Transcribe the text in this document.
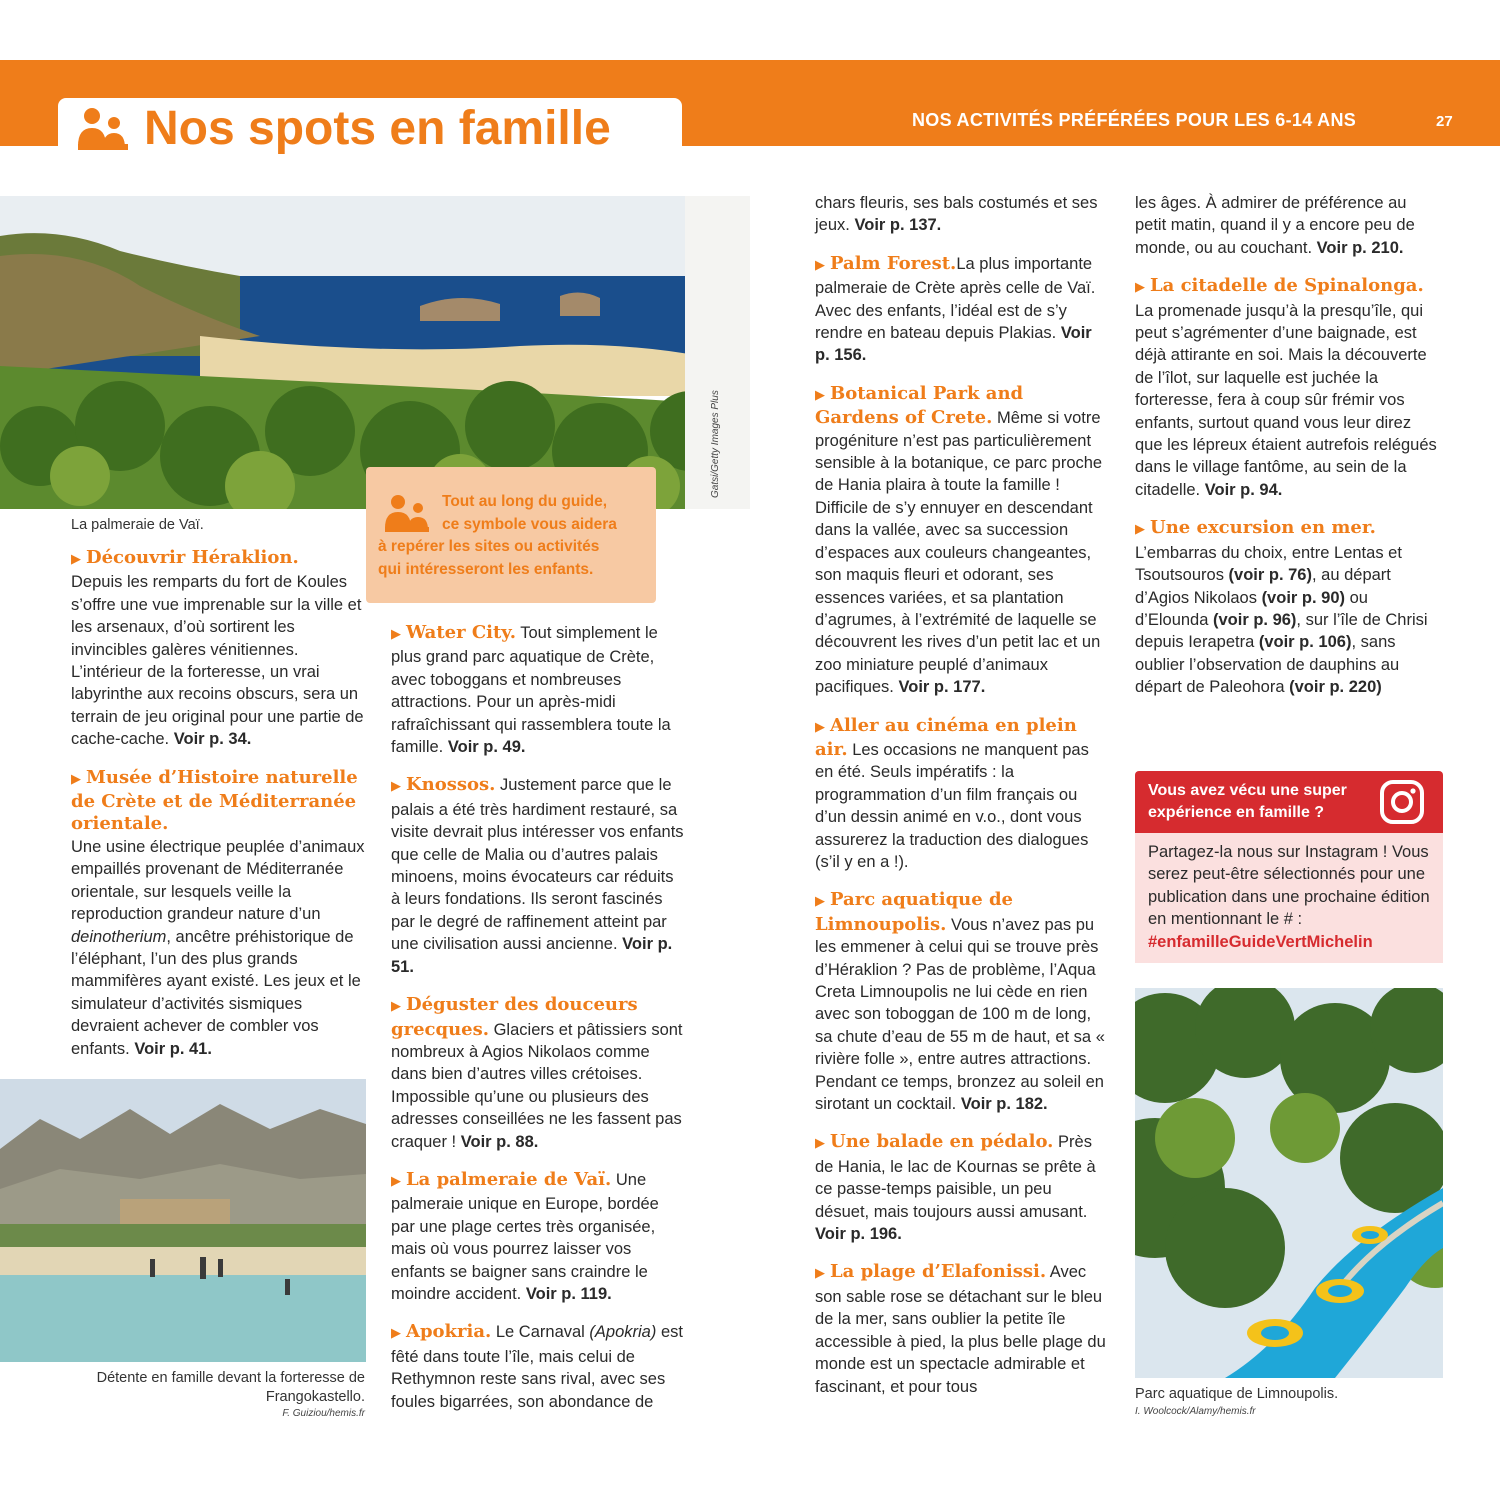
Nos spots en famille	NOS ACTIVITÉS PRÉFÉRÉES POUR LES 6-14 ANS	27
Gatsi/Getty Images Plus
La palmeraie de Vaï.
Tout au long du guide,
ce symbole vous aidera
à repérer les sites ou activités
qui intéresseront les enfants.
▶ Découvrir Héraklion.
Depuis les remparts du fort de Koules s’offre une vue imprenable sur la ville et les arsenaux, d’où sortirent les invincibles galères vénitiennes. L’intérieur de la forteresse, un vrai labyrinthe aux recoins obscurs, sera un terrain de jeu original pour une partie de cache-cache. Voir p. 34.
▶ Musée d’Histoire naturelle de Crète et de Méditerranée orientale.
Une usine électrique peuplée d’animaux empaillés provenant de Méditerranée orientale, sur lesquels veille la reproduction grandeur nature d’un deinotherium, ancêtre préhistorique de l’éléphant, l’un des plus grands mammifères ayant existé. Les jeux et le simulateur d’activités sismiques devraient achever de combler vos enfants. Voir p. 41.
Détente en famille devant la forteresse de
Frangokastello.
F. Guiziou/hemis.fr
▶ Water City. Tout simplement le plus grand parc aquatique de Crète, avec toboggans et nombreuses attractions. Pour un après-midi rafraîchissant qui rassemblera toute la famille. Voir p. 49.
▶ Knossos. Justement parce que le palais a été très hardiment restauré, sa visite devrait plus intéresser vos enfants que celle de Malia ou d’autres palais minoens, moins évocateurs car réduits à leurs fondations. Ils seront fascinés par le degré de raffinement atteint par une civilisation aussi ancienne. Voir p. 51.
▶ Déguster des douceurs grecques. Glaciers et pâtissiers sont nombreux à Agios Nikolaos comme dans bien d’autres villes crétoises. Impossible qu’une ou plusieurs des adresses conseillées ne les fassent pas craquer ! Voir p. 88.
▶ La palmeraie de Vaï. Une palmeraie unique en Europe, bordée par une plage certes très organisée, mais où vous pourrez laisser vos enfants se baigner sans craindre le moindre accident. Voir p. 119.
▶ Apokria. Le Carnaval (Apokria) est fêté dans toute l’île, mais celui de Rethymnon reste sans rival, avec ses foules bigarrées, son abondance de
chars fleuris, ses bals costumés et ses jeux. Voir p. 137.
▶ Palm Forest.La plus importante palmeraie de Crète après celle de Vaï. Avec des enfants, l’idéal est de s’y rendre en bateau depuis Plakias. Voir p. 156.
▶ Botanical Park and Gardens of Crete. Même si votre progéniture n’est pas particulièrement sensible à la botanique, ce parc proche de Hania plaira à toute la famille ! Difficile de s’y ennuyer en descendant dans la vallée, avec sa succession d’espaces aux couleurs changeantes, son maquis fleuri et odorant, ses essences variées, et sa plantation d’agrumes, à l’extrémité de laquelle se découvrent les rives d’un petit lac et un zoo miniature peuplé d’animaux pacifiques. Voir p. 177.
▶ Aller au cinéma en plein air. Les occasions ne manquent pas en été. Seuls impératifs : la programmation d’un film français ou d’un dessin animé en v.o., dont vous assurerez la traduction des dialogues (s’il y en a !).
▶ Parc aquatique de Limnoupolis. Vous n’avez pas pu les emmener à celui qui se trouve près d’Héraklion ? Pas de problème, l’Aqua Creta Limnoupolis ne lui cède en rien avec son toboggan de 100 m de long, sa chute d’eau de 55 m de haut, et sa « rivière folle », entre autres attractions. Pendant ce temps, bronzez au soleil en sirotant un cocktail. Voir p. 182.
▶ Une balade en pédalo. Près de Hania, le lac de Kournas se prête à ce passe-temps paisible, un peu désuet, mais toujours aussi amusant. Voir p. 196.
▶ La plage d’Elafonissi. Avec son sable rose se détachant sur le bleu de la mer, sans oublier la petite île accessible à pied, la plus belle plage du monde est un spectacle admirable et fascinant, et pour tous
les âges. À admirer de préférence au petit matin, quand il y a encore peu de monde, ou au couchant. Voir p. 210.
▶ La citadelle de Spinalonga. La promenade jusqu’à la presqu’île, qui peut s’agrémenter d’une baignade, est déjà attirante en soi. Mais la découverte de l’îlot, sur laquelle est juchée la forteresse, fera à coup sûr frémir vos enfants, surtout quand vous leur direz que les lépreux étaient autrefois relégués dans le village fantôme, au sein de la citadelle. Voir p. 94.
▶ Une excursion en mer.
L’embarras du choix, entre Lentas et Tsoutsouros (voir p. 76), au départ d’Agios Nikolaos (voir p. 90) ou d’Elounda (voir p. 96), sur l’île de Chrisi depuis Ierapetra (voir p. 106), sans oublier l’observation de dauphins au départ de Paleohora (voir p. 220)
Vous avez vécu une super expérience en famille ?
Partagez-la nous sur Instagram ! Vous serez peut-être sélectionnés pour une publication dans une prochaine édition en mentionnant le # : #enfamilleGuideVertMichelin
Parc aquatique de Limnoupolis.
I. Woolcock/Alamy/hemis.fr
